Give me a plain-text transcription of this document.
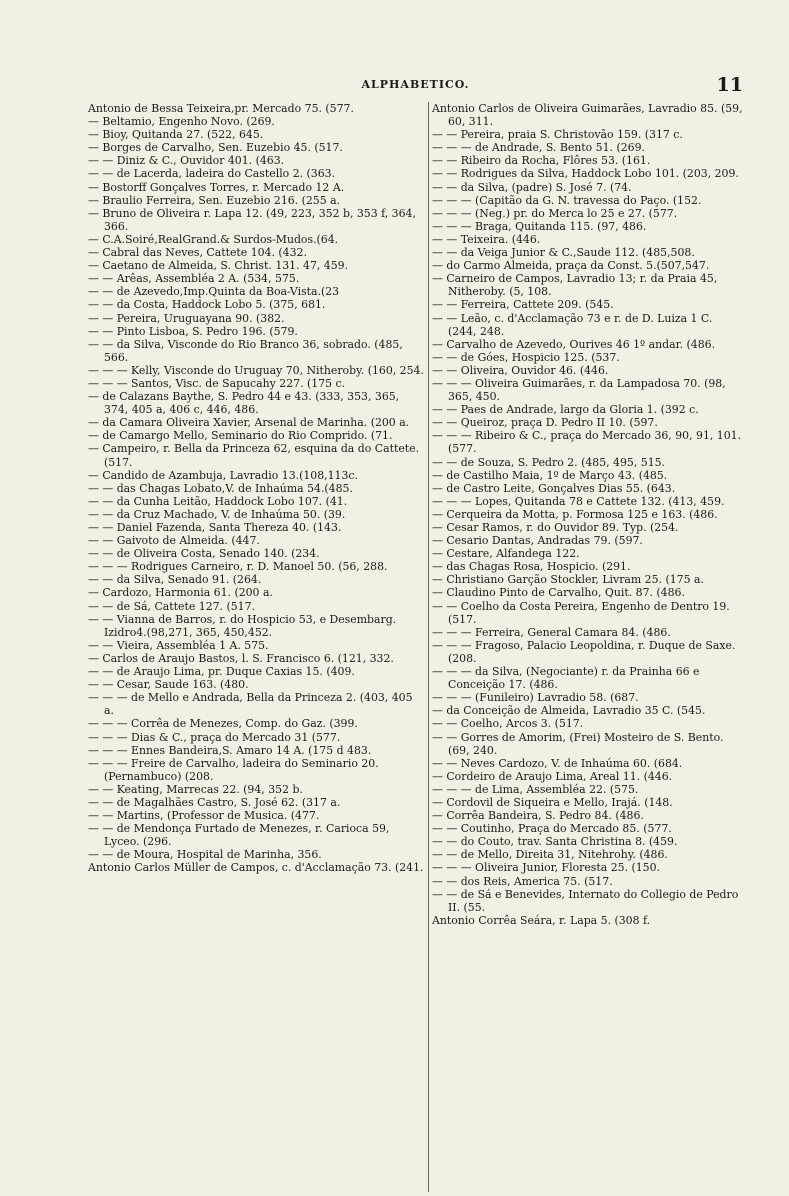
ALPHABETICO.	11
Antonio de Bessa Teixeira,pr. Mercado 75. (577.
— Beltamio, Engenho Novo. (269.
— Bioy, Quitanda 27. (522, 645.
— Borges de Carvalho, Sen. Euzebio 45. (517.
— — Diniz & C., Ouvidor 401. (463.
— — de Lacerda, ladeira do Castello 2. (363.
— Bostorff Gonçalves Torres, r. Mercado 12 A.
— Braulio Ferreira, Sen. Euzebio 216. (255 a.
— Bruno de Oliveira r. Lapa 12. (49, 223, 352 b, 353 f, 364, 366.
— C.A.Soiré,RealGrand.& Surdos-Mudos.(64.
— Cabral das Neves, Cattete 104. (432.
— Caetano de Almeida, S. Christ. 131. 47, 459.
— — Arêas, Assembléa 2 A. (534, 575.
— — de Azevedo,Imp.Quinta da Boa-Vista.(23
— — da Costa, Haddock Lobo 5. (375, 681.
— — Pereira, Uruguayana 90. (382.
— — Pinto Lisboa, S. Pedro 196. (579.
— — da Silva, Visconde do Rio Branco 36, sobrado. (485, 566.
— — — Kelly, Visconde do Uruguay 70, Nitheroby. (160, 254.
— — — Santos, Visc. de Sapucahy 227. (175 c.
— de Calazans Baythe, S. Pedro 44 e 43. (333, 353, 365, 374, 405 a, 406 c, 446, 486.
— da Camara Oliveira Xavier, Arsenal de Marinha. (200 a.
— de Camargo Mello, Seminario do Rio Comprido. (71.
— Campeiro, r. Bella da Princeza 62, esquina da do Cattete.(517.
— Candido de Azambuja, Lavradio 13.(108,113c.
— — das Chagas Lobato,V. de Inhaúma 54.(485.
— — da Cunha Leitão, Haddock Lobo 107. (41.
— — da Cruz Machado, V. de Inhaúma 50. (39.
— — Daniel Fazenda, Santa Thereza 40. (143.
— — Gaivoto de Almeida. (447.
— — de Oliveira Costa, Senado 140. (234.
— — — Rodrigues Carneiro, r. D. Manoel 50. (56, 288.
— — da Silva, Senado 91. (264.
— Cardozo, Harmonia 61. (200 a.
— — de Sá, Cattete 127. (517.
— — Vianna de Barros, r. do Hospicio 53, e Desembarg. Izidro4.(98,271, 365, 450,452.
— — Vieira, Assembléa 1 A. 575.
— Carlos de Araujo Bastos, l. S. Francisco 6. (121, 332.
— — de Araujo Lima, pr. Duque Caxias 15. (409.
— — Cesar, Saude 163. (480.
— — — de Mello e Andrada, Bella da Princeza 2. (403, 405 a.
— — — Corrêa de Menezes, Comp. do Gaz. (399.
— — — Dias & C., praça do Mercado 31 (577.
— — — Ennes Bandeira,S. Amaro 14 A. (175 d 483.
— — — Freire de Carvalho, ladeira do Seminario 20. (Pernambuco) (208.
— — Keating, Marrecas 22. (94, 352 b.
— — de Magalhães Castro, S. José 62. (317 a.
— — Martins, (Professor de Musica. (477.
— — de Mendonça Furtado de Menezes, r. Carioca 59, Lyceo. (296.
— — de Moura, Hospital de Marinha, 356.
Antonio Carlos Müller de Campos, c. d'Acclamação 73. (241.
Antonio Carlos de Oliveira Guimarães, Lavradio 85. (59, 60, 311.
— — Pereira, praia S. Christovão 159. (317 c.
— — — de Andrade, S. Bento 51. (269.
— — Ribeiro da Rocha, Flôres 53. (161.
— — Rodrigues da Silva, Haddock Lobo 101. (203, 209.
— — da Silva, (padre) S. José 7. (74.
— — — (Capitão da G. N. travessa do Paço. (152.
— — — (Neg.) pr. do Merca lo 25 e 27. (577.
— — — Braga, Quitanda 115. (97, 486.
— — Teixeira. (446.
— — da Veiga Junior & C.,Saude 112. (485,508.
— do Carmo Almeida, praça da Const. 5.(507,547.
— Carneiro de Campos, Lavradio 13; r. da Praia 45, Nitheroby. (5, 108.
— — Ferreira, Cattete 209. (545.
— — Leão, c. d'Acclamação 73 e r. de D. Luiza 1 C. (244, 248.
— Carvalho de Azevedo, Ourives 46 1º andar. (486.
— — de Góes, Hospicio 125. (537.
— — Oliveira, Ouvidor 46. (446.
— — — Oliveira Guimarães, r. da Lampadosa 70. (98, 365, 450.
— — Paes de Andrade, largo da Gloria 1. (392 c.
— — Queiroz, praça D. Pedro II 10. (597.
— — — Ribeiro & C., praça do Mercado 36, 90, 91, 101. (577.
— — de Souza, S. Pedro 2. (485, 495, 515.
— de Castilho Maia, 1º de Março 43. (485.
— de Castro Leite, Gonçalves Dias 55. (643.
— — — Lopes, Quitanda 78 e Cattete 132. (413, 459.
— Cerqueira da Motta, p. Formosa 125 e 163. (486.
— Cesar Ramos, r. do Ouvidor 89. Typ. (254.
— Cesario Dantas, Andradas 79. (597.
— Cestare, Alfandega 122.
— das Chagas Rosa, Hospicio. (291.
— Christiano Garção Stockler, Livram 25. (175 a.
— Claudino Pinto de Carvalho, Quit. 87. (486.
— — Coelho da Costa Pereira, Engenho de Dentro 19. (517.
— — — Ferreira, General Camara 84. (486.
— — — Fragoso, Palacio Leopoldina, r. Duque de Saxe. (208.
— — — da Silva, (Negociante) r. da Prainha 66 e Conceição 17. (486.
— — — (Funileiro) Lavradio 58. (687.
— da Conceição de Almeida, Lavradio 35 C. (545.
— — Coelho, Arcos 3. (517.
— — Gorres de Amorim, (Frei) Mosteiro de S. Bento. (69, 240.
— — Neves Cardozo, V. de Inhaúma 60. (684.
— Cordeiro de Araujo Lima, Areal 11. (446.
— — — de Lima, Assembléa 22. (575.
— Cordovil de Siqueira e Mello, Irajá. (148.
— Corrêa Bandeira, S. Pedro 84. (486.
— — Coutinho, Praça do Mercado 85. (577.
— — do Couto, trav. Santa Christina 8. (459.
— — de Mello, Direita 31, Nitehrohy. (486.
— — — Oliveira Junior, Floresta 25. (150.
— — dos Reis, America 75. (517.
— — de Sá e Benevides, Internato do Collegio de Pedro II. (55.
Antonio Corrêa Seára, r. Lapa 5. (308 f.
